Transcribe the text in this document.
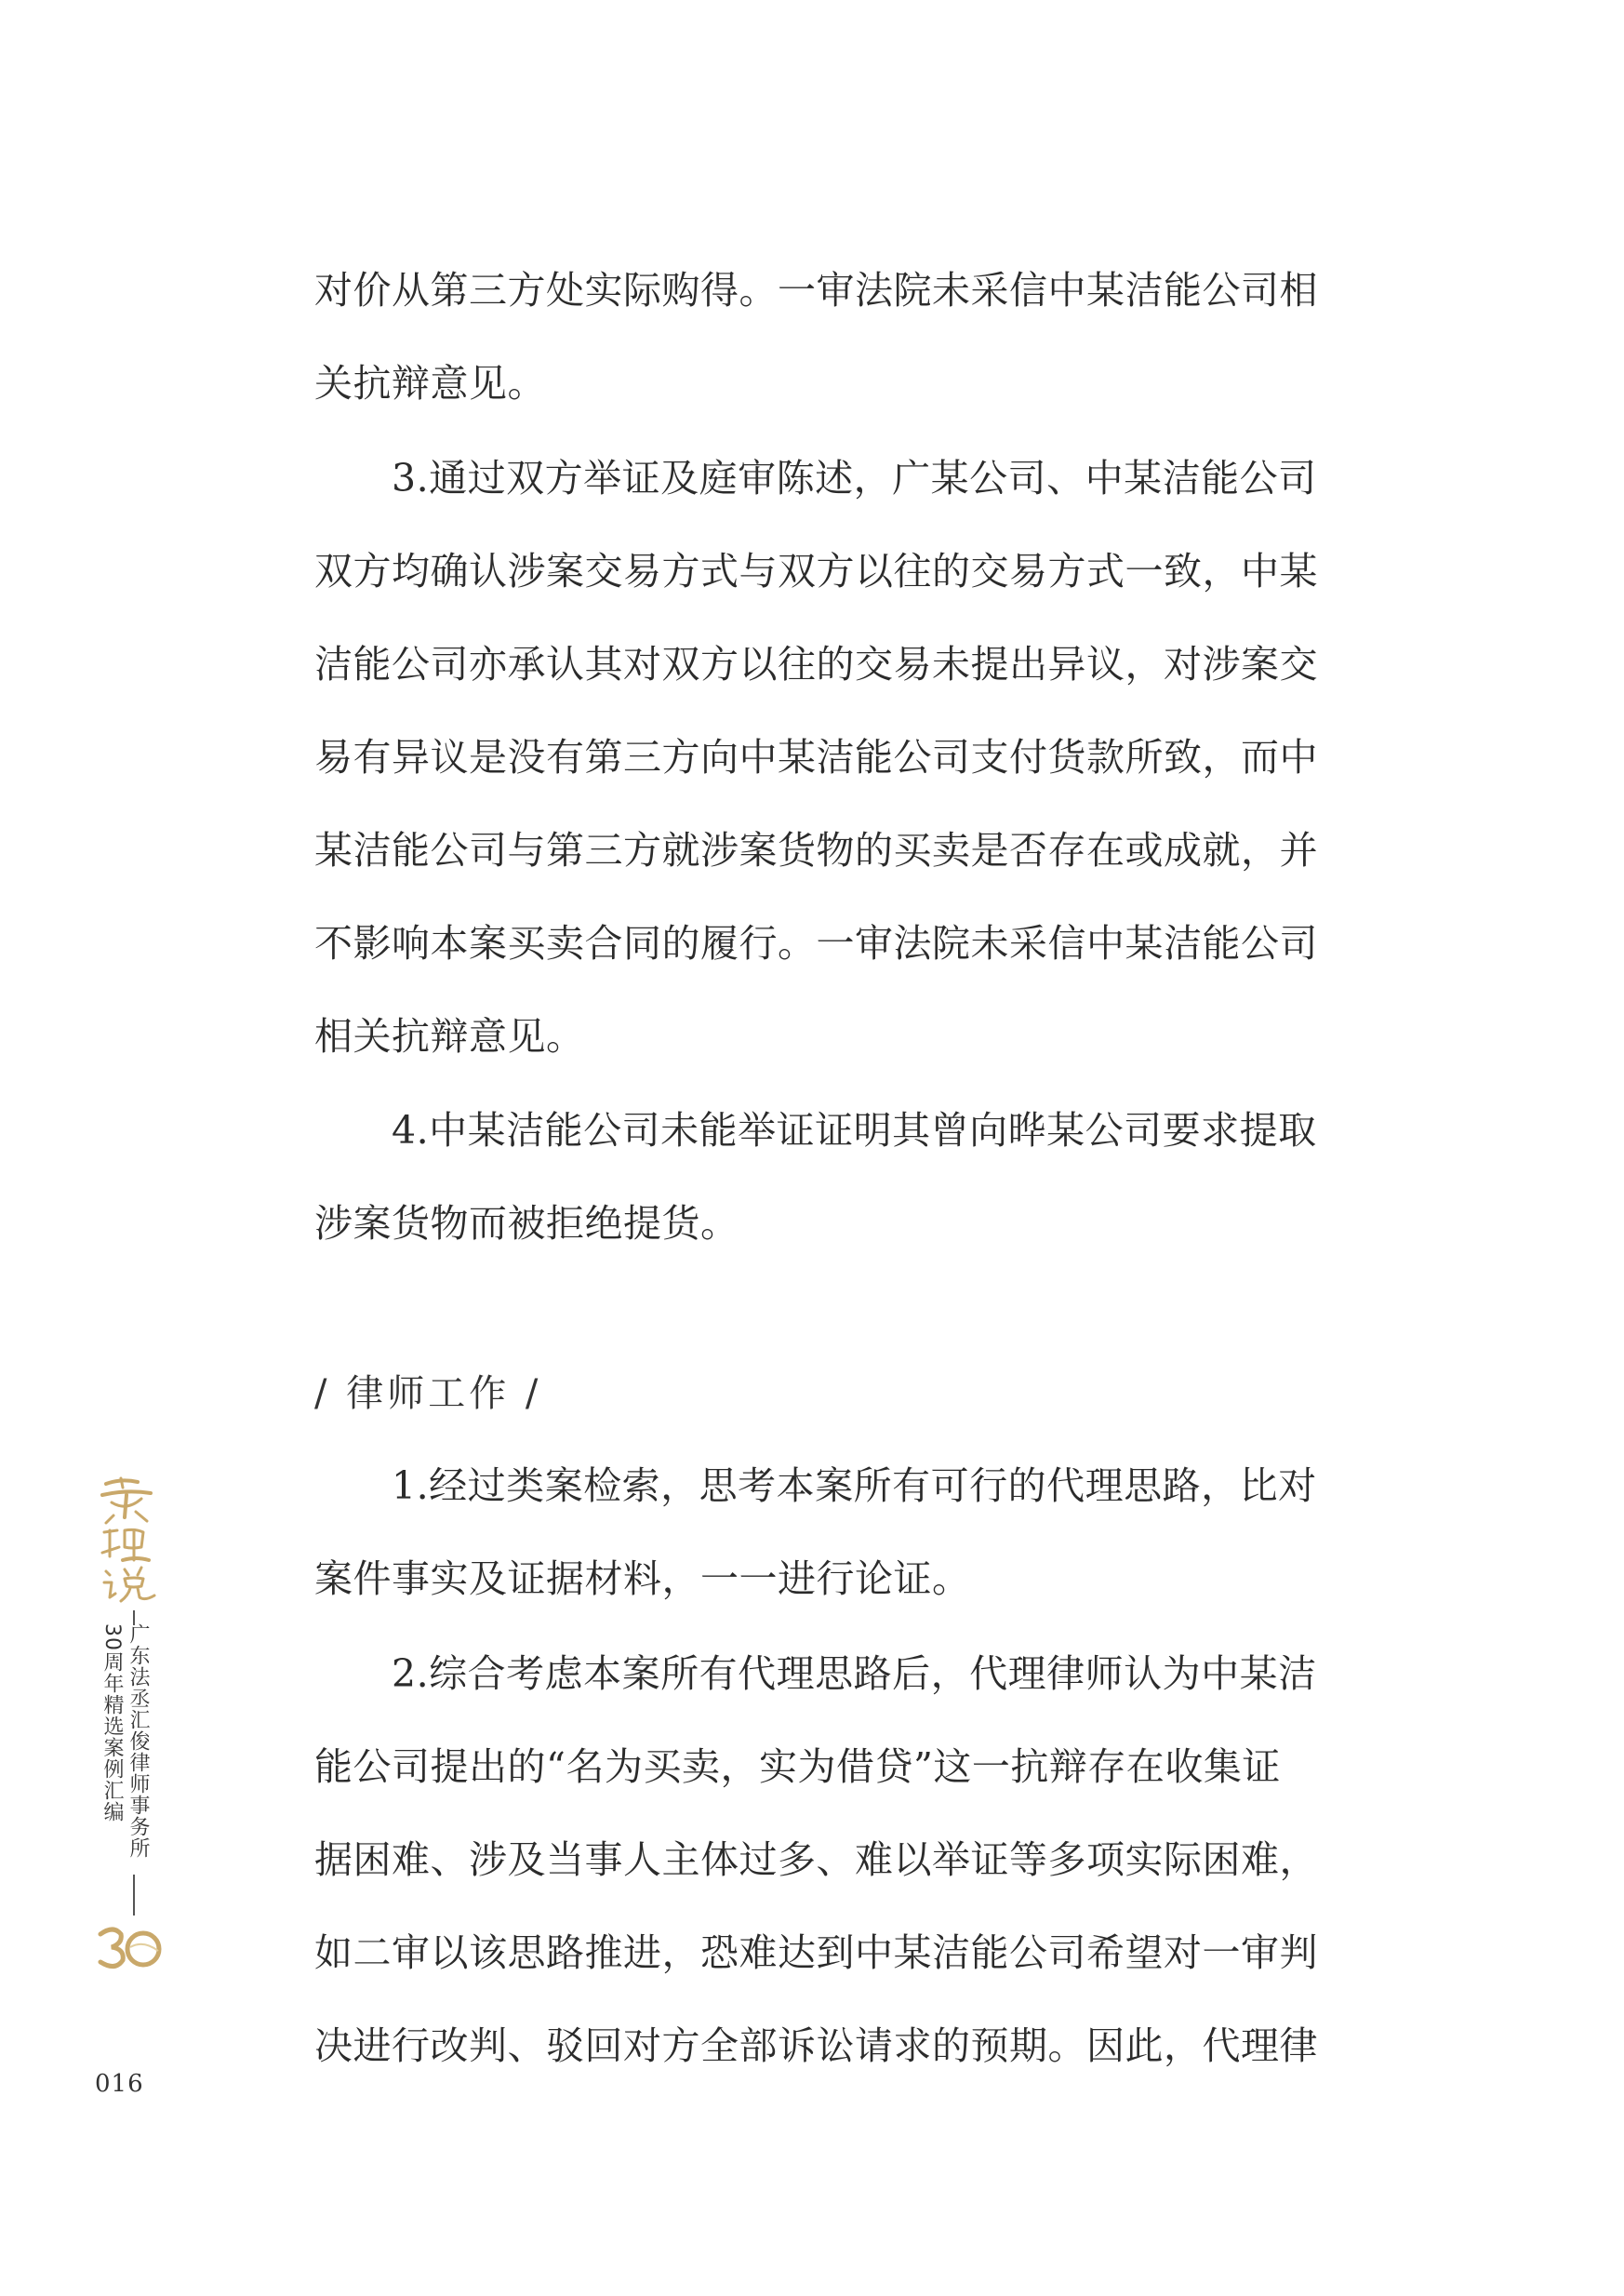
对价从第三方处实际购得。一审法院未采信中某洁能公司相
关抗辩意见。
　　3.通过双方举证及庭审陈述，广某公司、中某洁能公司
双方均确认涉案交易方式与双方以往的交易方式一致，中某
洁能公司亦承认其对双方以往的交易未提出异议，对涉案交
易有异议是没有第三方向中某洁能公司支付货款所致，而中
某洁能公司与第三方就涉案货物的买卖是否存在或成就，并
不影响本案买卖合同的履行。一审法院未采信中某洁能公司
相关抗辩意见。
　　4.中某洁能公司未能举证证明其曾向晔某公司要求提取
涉案货物而被拒绝提货。
/ 律师工作 /
　　1.经过类案检索，思考本案所有可行的代理思路，比对
案件事实及证据材料，一一进行论证。
　　2.综合考虑本案所有代理思路后，代理律师认为中某洁
能公司提出的“名为买卖，实为借贷”这一抗辩存在收集证
据困难、涉及当事人主体过多、难以举证等多项实际困难，
如二审以该思路推进，恐难达到中某洁能公司希望对一审判
决进行改判、驳回对方全部诉讼请求的预期。因此，代理律
广东法丞汇俊律师事务所
30周年精选案例汇编
016
